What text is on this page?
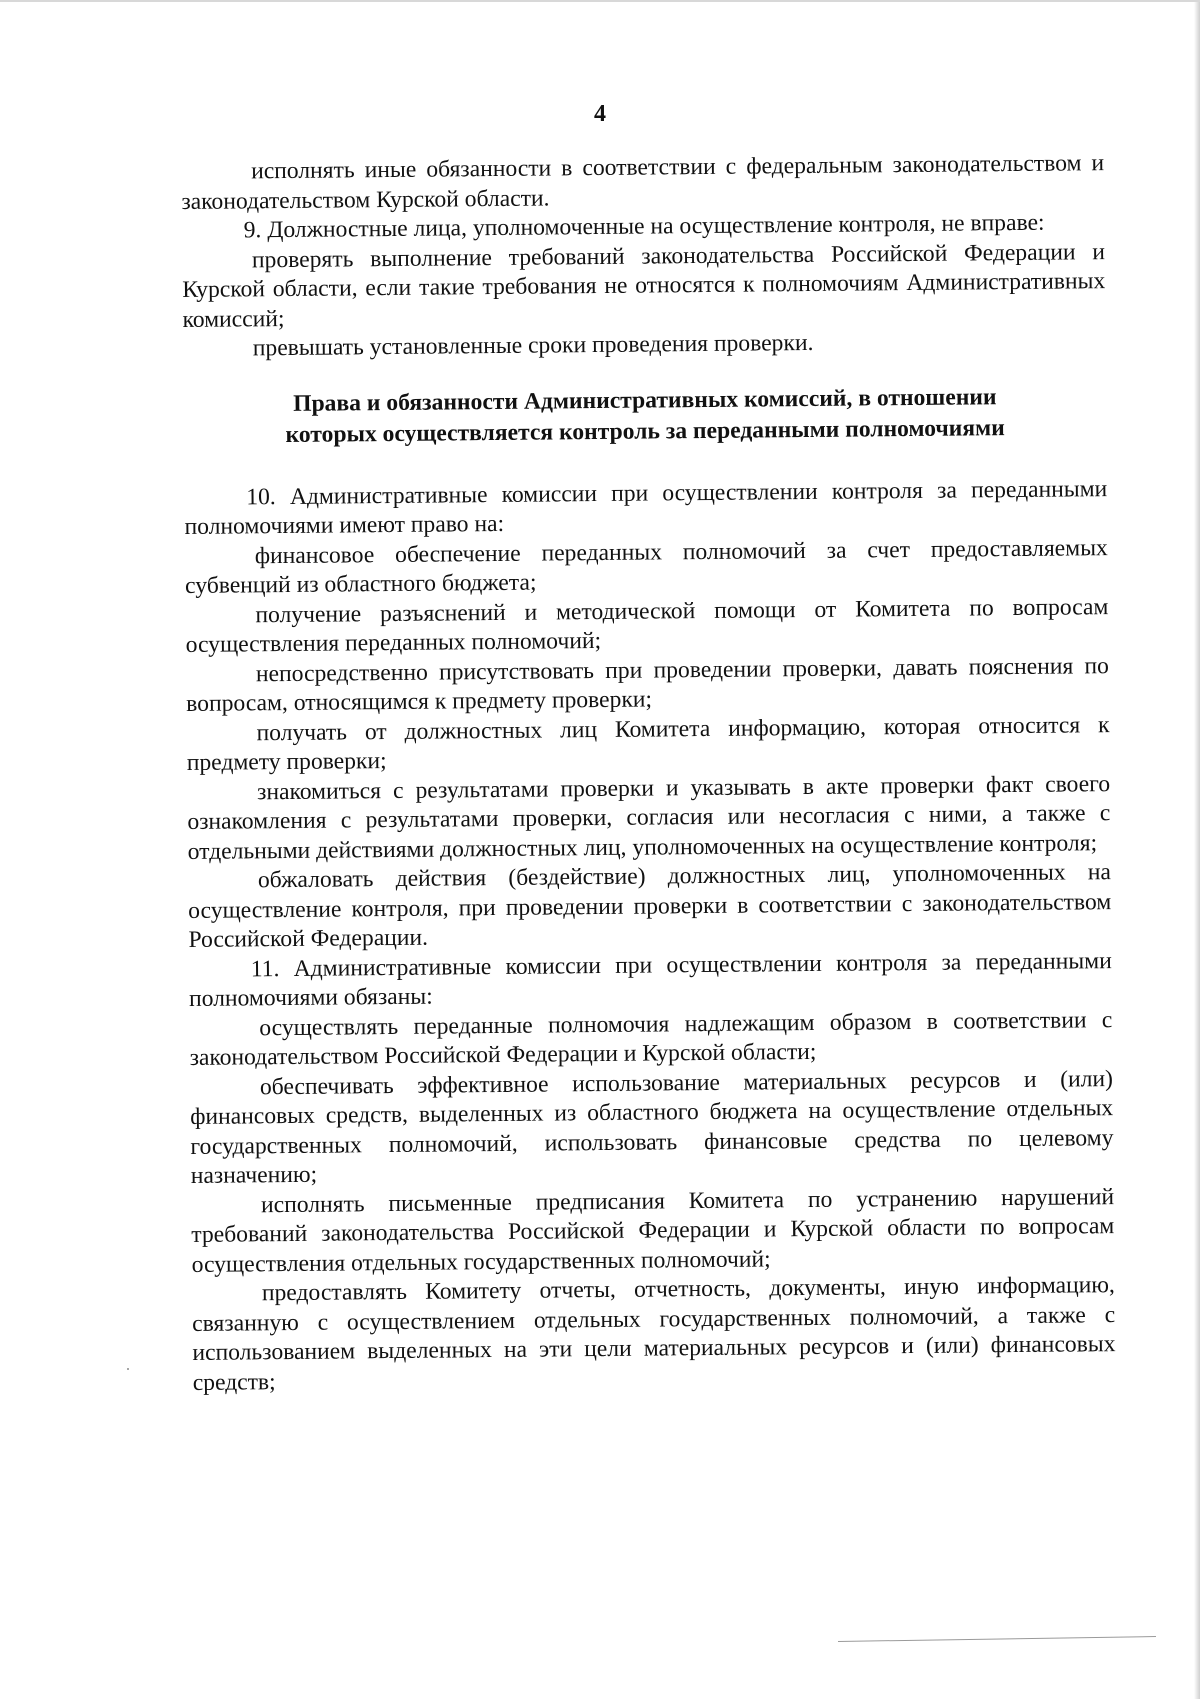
4

исполнять иные обязанности в соответствии с федеральным законодательством и законодательством Курской области.

9. Должностные лица, уполномоченные на осуществление контроля, не вправе:

проверять выполнение требований законодательства Российской Федерации и Курской области, если такие требования не относятся к полномочиям Административных комиссий;

превышать установленные сроки проведения проверки.

Права и обязанности Административных комиссий, в отношении
которых осуществляется контроль за переданными полномочиями

10. Административные комиссии при осуществлении контроля за переданными полномочиями имеют право на:

финансовое обеспечение переданных полномочий за счет предоставляемых субвенций из областного бюджета;

получение разъяснений и методической помощи от Комитета по вопросам осуществления переданных полномочий;

непосредственно присутствовать при проведении проверки, давать пояснения по вопросам, относящимся к предмету проверки;

получать от должностных лиц Комитета информацию, которая относится к предмету проверки;

знакомиться с результатами проверки и указывать в акте проверки факт своего ознакомления с результатами проверки, согласия или несогласия с ними, а также с отдельными действиями должностных лиц, уполномоченных на осуществление контроля;

обжаловать действия (бездействие) должностных лиц, уполномоченных на осуществление контроля, при проведении проверки в соответствии с законодательством Российской Федерации.

11. Административные комиссии при осуществлении контроля за переданными полномочиями обязаны:

осуществлять переданные полномочия надлежащим образом в соответствии с законодательством Российской Федерации и Курской области;

обеспечивать эффективное использование материальных ресурсов и (или) финансовых средств, выделенных из областного бюджета на осуществление отдельных государственных полномочий, использовать финансовые средства по целевому назначению;

исполнять письменные предписания Комитета по устранению нарушений требований законодательства Российской Федерации и Курской области по вопросам осуществления отдельных государственных полномочий;

предоставлять Комитету отчеты, отчетность, документы, иную информацию, связанную с осуществлением отдельных государственных полномочий, а также с использованием выделенных на эти цели материальных ресурсов и (или) финансовых средств;
